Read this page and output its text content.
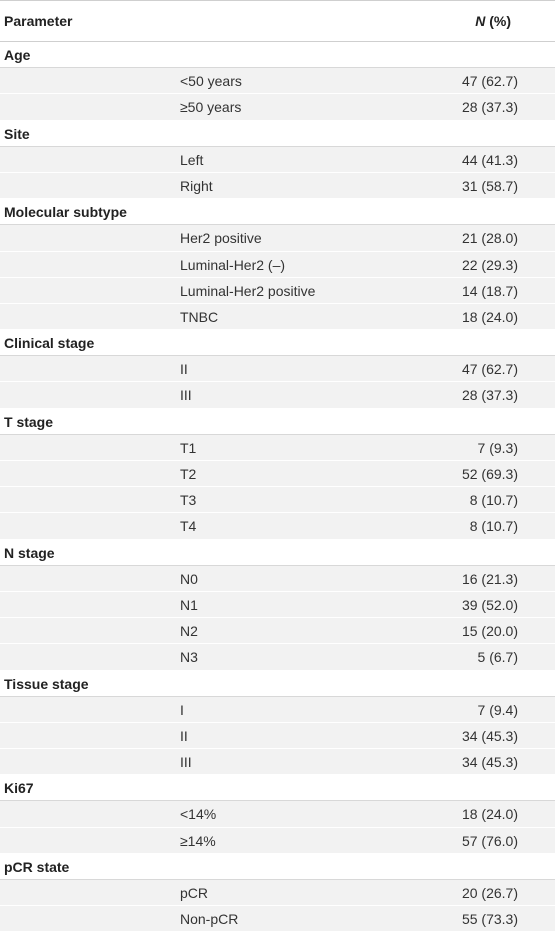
Parameter	N (%)
Age
<50 years	47 (62.7)
≥50 years	28 (37.3)
Site
Left	44 (41.3)
Right	31 (58.7)
Molecular subtype
Her2 positive	21 (28.0)
Luminal-Her2 (–)	22 (29.3)
Luminal-Her2 positive	14 (18.7)
TNBC	18 (24.0)
Clinical stage
II	47 (62.7)
III	28 (37.3)
T stage
T1	7 (9.3)
T2	52 (69.3)
T3	8 (10.7)
T4	8 (10.7)
N stage
N0	16 (21.3)
N1	39 (52.0)
N2	15 (20.0)
N3	5 (6.7)
Tissue stage
I	7 (9.4)
II	34 (45.3)
III	34 (45.3)
Ki67
<14%	18 (24.0)
≥14%	57 (76.0)
pCR state
pCR	20 (26.7)
Non-pCR	55 (73.3)
